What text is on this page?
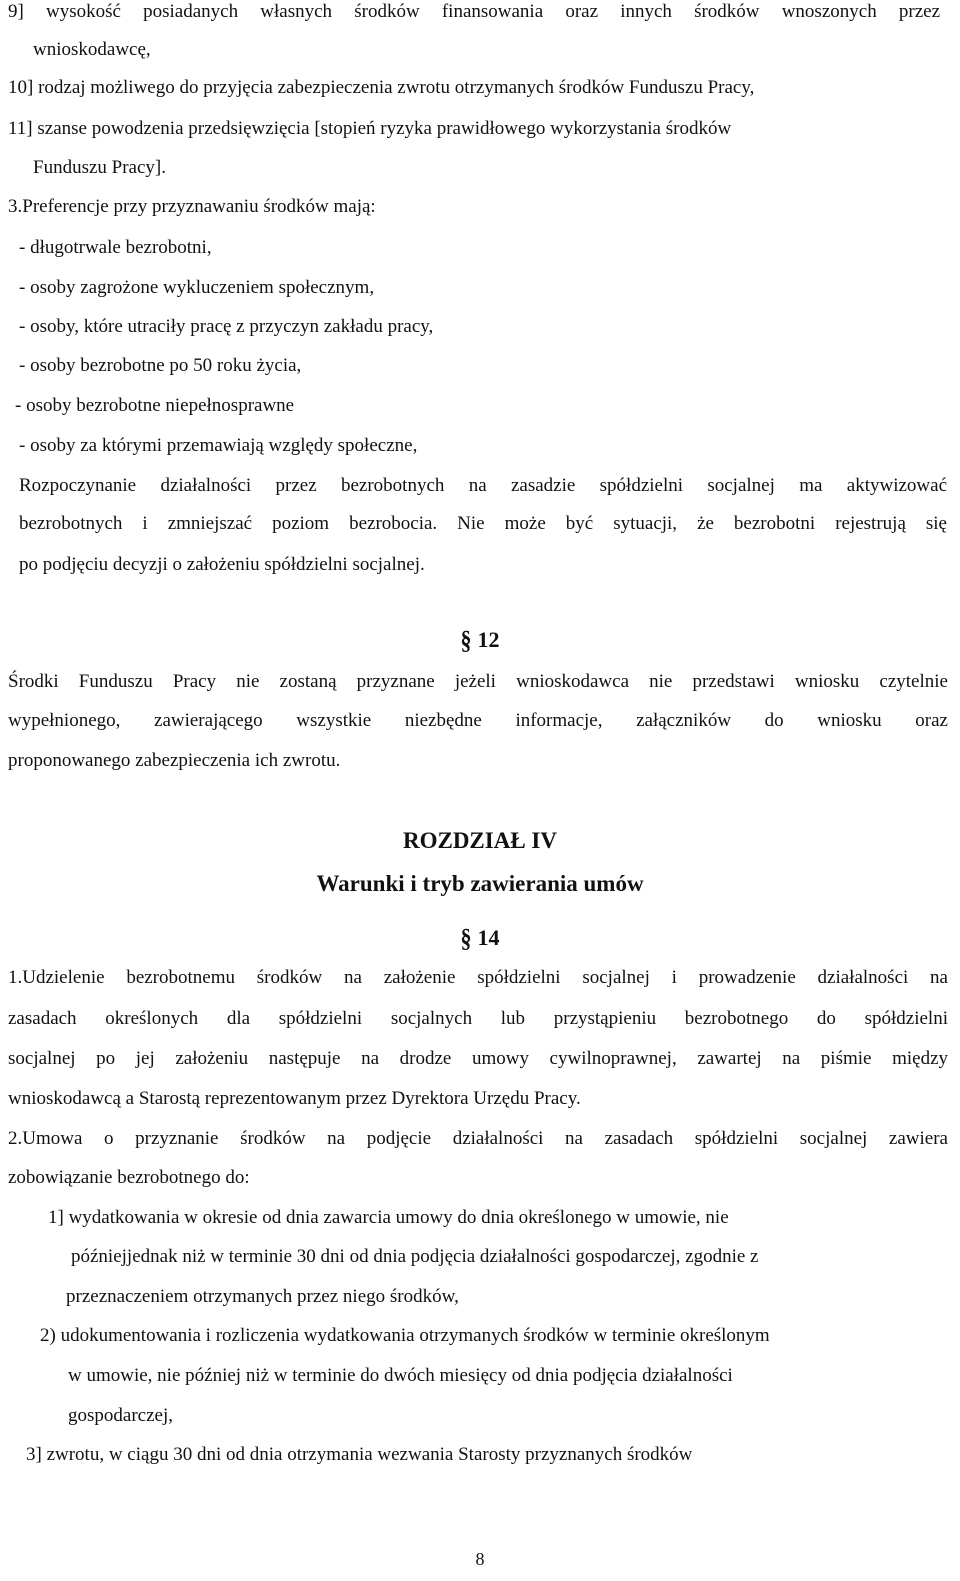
9] wysokość posiadanych własnych środków finansowania oraz innych środków wnoszonych przez
wnioskodawcę,
10] rodzaj możliwego do przyjęcia zabezpieczenia zwrotu otrzymanych środków Funduszu Pracy,
11] szanse powodzenia przedsięwzięcia [stopień ryzyka prawidłowego wykorzystania środków
Funduszu Pracy].
3.Preferencje przy przyznawaniu środków mają:
- długotrwale bezrobotni,
- osoby zagrożone wykluczeniem społecznym,
- osoby, które utraciły pracę z przyczyn zakładu pracy,
- osoby bezrobotne po 50 roku życia,
- osoby bezrobotne niepełnosprawne
- osoby za którymi przemawiają względy społeczne,
Rozpoczynanie działalności przez bezrobotnych na zasadzie spółdzielni socjalnej ma aktywizować
bezrobotnych i zmniejszać poziom bezrobocia. Nie może być sytuacji, że bezrobotni rejestrują się
po podjęciu decyzji o założeniu spółdzielni socjalnej.
§ 12
Środki Funduszu Pracy nie zostaną przyznane jeżeli wnioskodawca nie przedstawi wniosku czytelnie
wypełnionego, zawierającego wszystkie niezbędne informacje, załączników do wniosku oraz
proponowanego zabezpieczenia ich zwrotu.
ROZDZIAŁ IV
Warunki i tryb zawierania umów
§ 14
1.Udzielenie bezrobotnemu środków na założenie spółdzielni socjalnej i prowadzenie działalności na
zasadach określonych dla spółdzielni socjalnych lub przystąpieniu bezrobotnego do spółdzielni
socjalnej po jej założeniu następuje na drodze umowy cywilnoprawnej, zawartej na piśmie między
wnioskodawcą a Starostą reprezentowanym przez Dyrektora Urzędu Pracy.
2.Umowa o przyznanie środków na podjęcie działalności na zasadach spółdzielni socjalnej zawiera
zobowiązanie bezrobotnego do:
1] wydatkowania w okresie od dnia zawarcia umowy do dnia określonego w umowie, nie
późniejjednak niż w terminie 30 dni od dnia podjęcia działalności gospodarczej, zgodnie z
przeznaczeniem otrzymanych przez niego środków,
2) udokumentowania i rozliczenia wydatkowania otrzymanych środków w terminie określonym
w umowie, nie później niż w terminie do dwóch miesięcy od dnia podjęcia działalności
gospodarczej,
3] zwrotu, w ciągu 30 dni od dnia otrzymania wezwania Starosty przyznanych środków
8
